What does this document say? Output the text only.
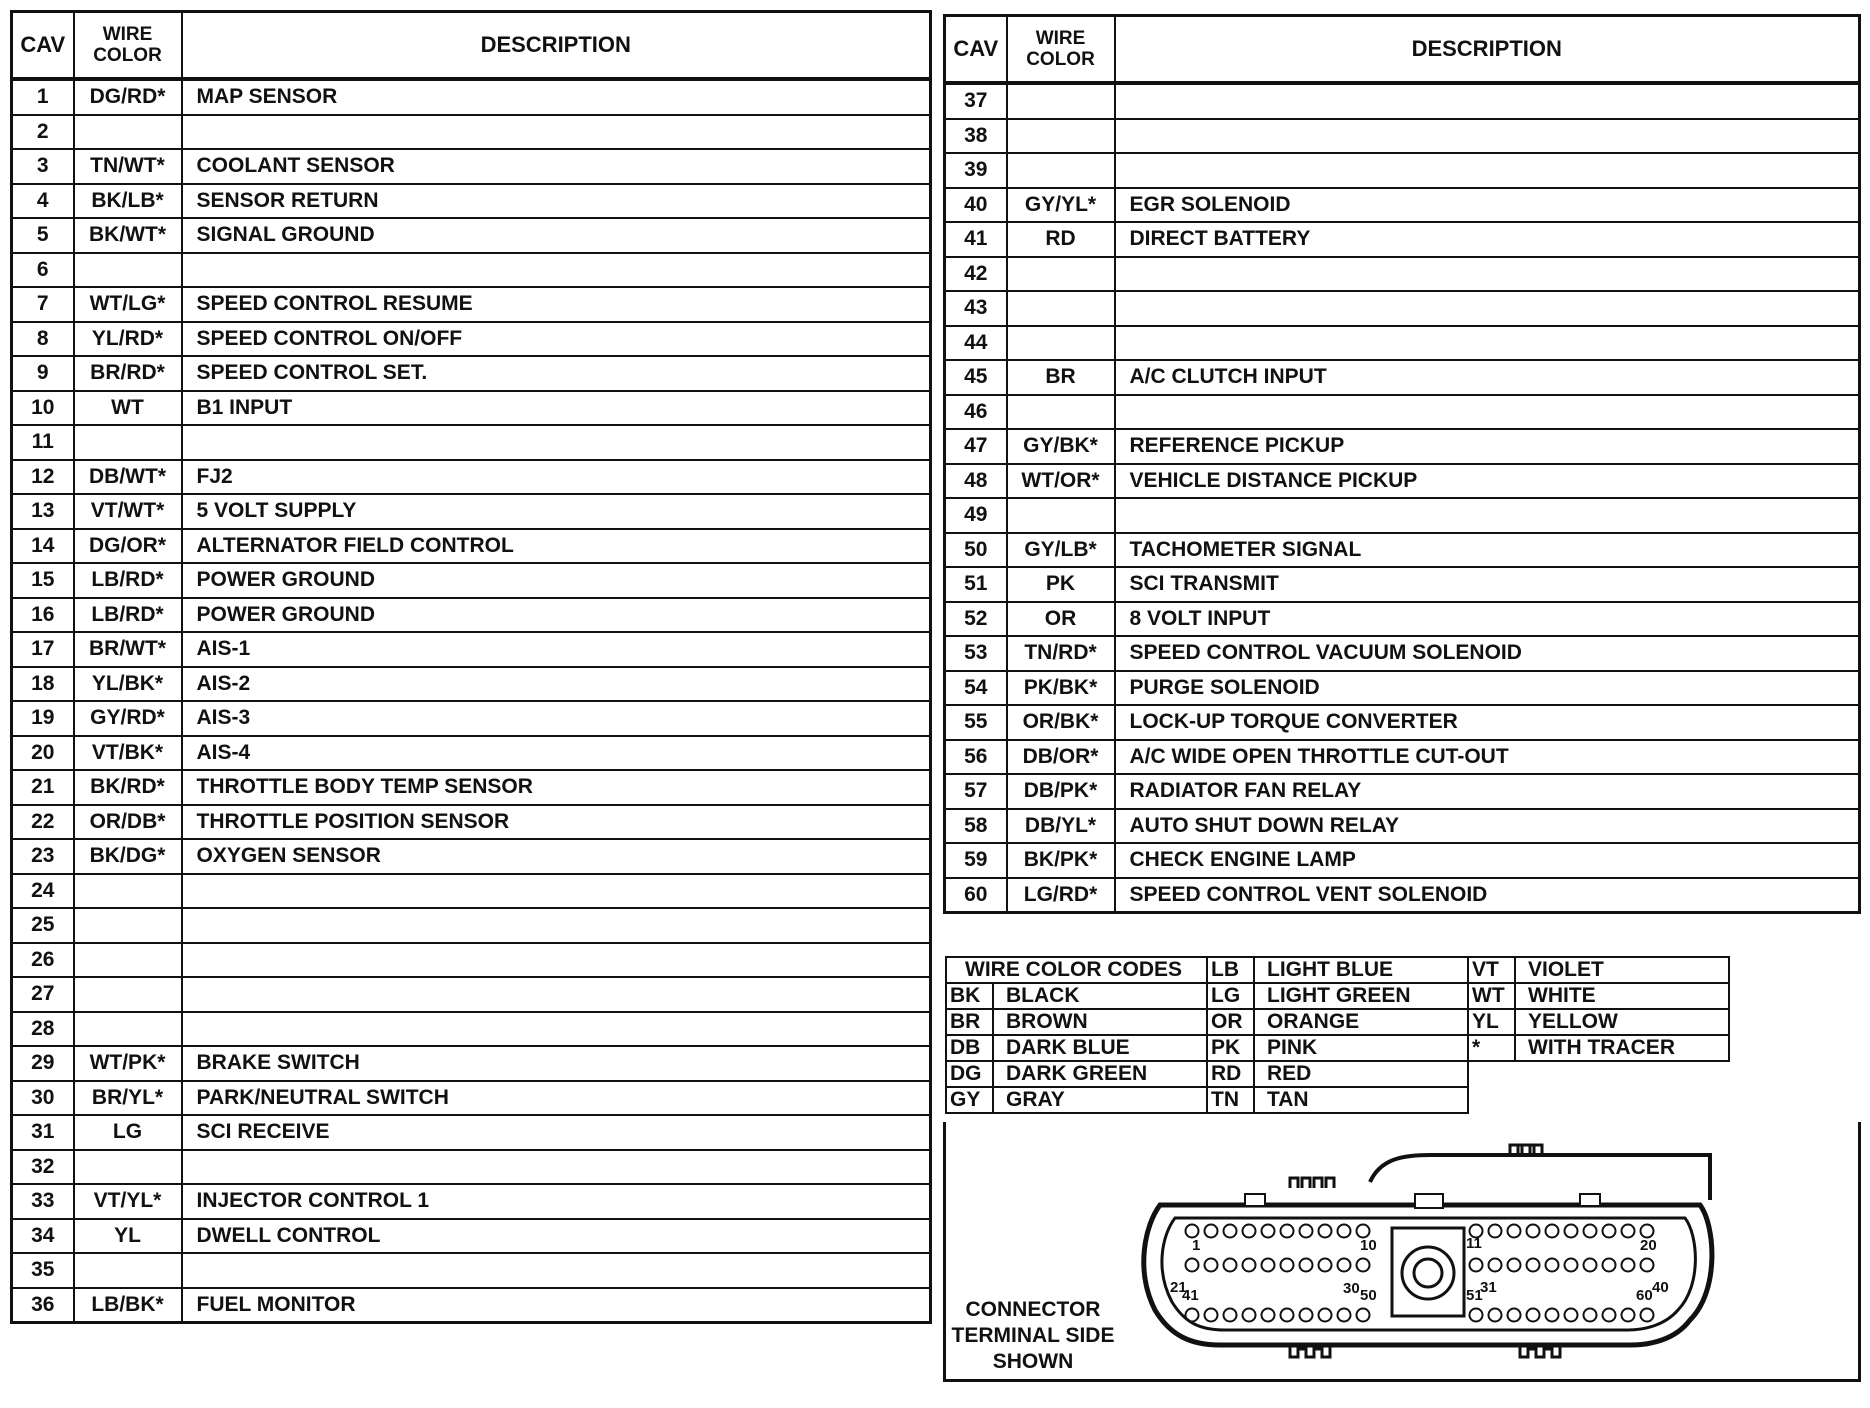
CAV	WIRE COLOR	DESCRIPTION
1	DG/RD*	MAP SENSOR
2		
3	TN/WT*	COOLANT SENSOR
4	BK/LB*	SENSOR RETURN
5	BK/WT*	SIGNAL GROUND
6		
7	WT/LG*	SPEED CONTROL RESUME
8	YL/RD*	SPEED CONTROL ON/OFF
9	BR/RD*	SPEED CONTROL SET.
10	WT	B1 INPUT
11		
12	DB/WT*	FJ2
13	VT/WT*	5 VOLT SUPPLY
14	DG/OR*	ALTERNATOR FIELD CONTROL
15	LB/RD*	POWER GROUND
16	LB/RD*	POWER GROUND
17	BR/WT*	AIS-1
18	YL/BK*	AIS-2
19	GY/RD*	AIS-3
20	VT/BK*	AIS-4
21	BK/RD*	THROTTLE BODY TEMP SENSOR
22	OR/DB*	THROTTLE POSITION SENSOR
23	BK/DG*	OXYGEN SENSOR
24		
25		
26		
27		
28		
29	WT/PK*	BRAKE SWITCH
30	BR/YL*	PARK/NEUTRAL SWITCH
31	LG	SCI RECEIVE
32		
33	VT/YL*	INJECTOR CONTROL 1
34	YL	DWELL CONTROL
35		
36	LB/BK*	FUEL MONITOR
CAV	WIRE COLOR	DESCRIPTION
37		
38		
39		
40	GY/YL*	EGR SOLENOID
41	RD	DIRECT BATTERY
42		
43		
44		
45	BR	A/C CLUTCH INPUT
46		
47	GY/BK*	REFERENCE PICKUP
48	WT/OR*	VEHICLE DISTANCE PICKUP
49		
50	GY/LB*	TACHOMETER SIGNAL
51	PK	SCI TRANSMIT
52	OR	8 VOLT INPUT
53	TN/RD*	SPEED CONTROL VACUUM SOLENOID
54	PK/BK*	PURGE SOLENOID
55	OR/BK*	LOCK-UP TORQUE CONVERTER
56	DB/OR*	A/C WIDE OPEN THROTTLE CUT-OUT
57	DB/PK*	RADIATOR FAN RELAY
58	DB/YL*	AUTO SHUT DOWN RELAY
59	BK/PK*	CHECK ENGINE LAMP
60	LG/RD*	SPEED CONTROL VENT SOLENOID
WIRE COLOR CODES		LB	LIGHT BLUE	VT	VIOLET
BK	BLACK	LG	LIGHT GREEN	WT	WHITE
BR	BROWN	OR	ORANGE	YL	YELLOW
DB	DARK BLUE	PK	PINK	*	WITH TRACER
DG	DARK GREEN	RD	RED		
GY	GRAY	TN	TAN		
CONNECTOR
TERMINAL SIDE
SHOWN
1	10	11	20
21
41	30 50	51
31	40
60
